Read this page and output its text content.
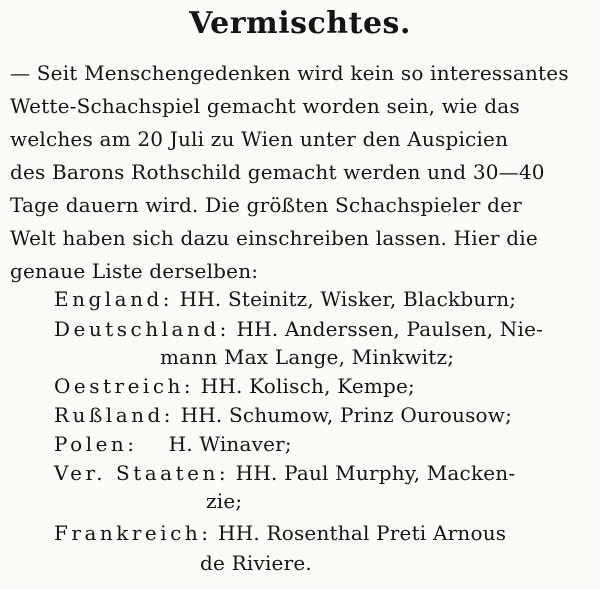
Vermischtes.
— Seit Menschengedenken wird kein so interessantes
Wette-Schachspiel gemacht worden sein, wie das
welches am 20 Juli zu Wien unter den Auspicien
des Barons Rothschild gemacht werden und 30—40
Tage dauern wird. Die größten Schachspieler der
Welt haben sich dazu einschreiben lassen. Hier die
genaue Liste derselben:
England: HH. Steinitz, Wisker, Blackburn;
Deutschland: HH. Anderssen, Paulsen, Nie-
mann Max Lange, Minkwitz;
Oestreich: HH. Kolisch, Kempe;
Rußland: HH. Schumow, Prinz Ourousow;
Polen: H. Winaver;
Ver. Staaten: HH. Paul Murphy, Macken-
zie;
Frankreich: HH. Rosenthal Preti Arnous
de Riviere.
